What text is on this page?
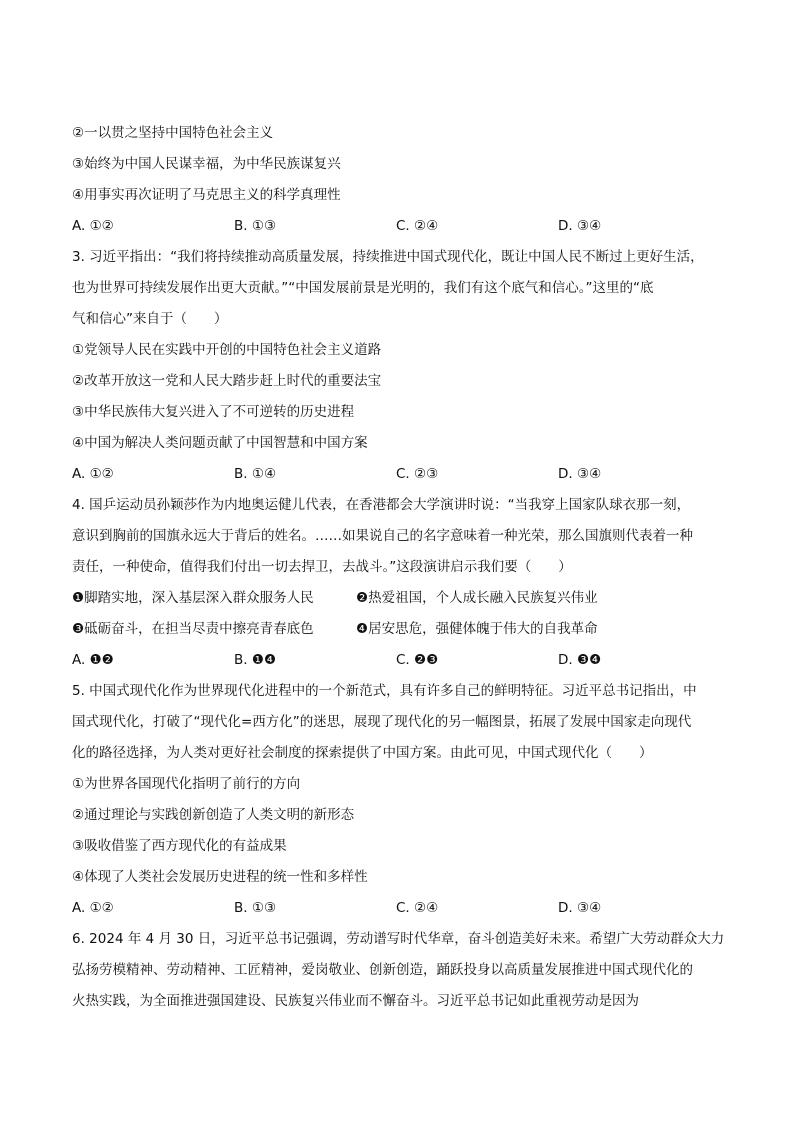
②一以贯之坚持中国特色社会主义
③始终为中国人民谋幸福，为中华民族谋复兴
④用事实再次证明了马克思主义的科学真理性
A. ①②	B. ①③	C. ②④	D. ③④
3. 习近平指出：“我们将持续推动高质量发展，持续推进中国式现代化，既让中国人民不断过上更好生活，
也为世界可持续发展作出更大贡献。”“中国发展前景是光明的，我们有这个底气和信心。”这里的“底
气和信心”来自于（　　）
①党领导人民在实践中开创的中国特色社会主义道路
②改革开放这一党和人民大踏步赶上时代的重要法宝
③中华民族伟大复兴进入了不可逆转的历史进程
④中国为解决人类问题贡献了中国智慧和中国方案
A. ①②	B. ①④	C. ②③	D. ③④
4. 国乒运动员孙颖莎作为内地奥运健儿代表，在香港都会大学演讲时说：“当我穿上国家队球衣那一刻，
意识到胸前的国旗永远大于背后的姓名。……如果说自己的名字意味着一种光荣，那么国旗则代表着一种
责任，一种使命，值得我们付出一切去捍卫，去战斗。”这段演讲启示我们要（　　）
❶脚踏实地，深入基层深入群众服务人民	❷热爱祖国，个人成长融入民族复兴伟业
❸砥砺奋斗，在担当尽责中擦亮青春底色	❹居安思危，强健体魄于伟大的自我革命
A. ❶❷	B. ❶❹	C. ❷❸	D. ❸❹
5. 中国式现代化作为世界现代化进程中的一个新范式，具有许多自己的鲜明特征。习近平总书记指出，中
国式现代化，打破了“现代化=西方化”的迷思，展现了现代化的另一幅图景，拓展了发展中国家走向现代
化的路径选择，为人类对更好社会制度的探索提供了中国方案。由此可见，中国式现代化（　　）
①为世界各国现代化指明了前行的方向
②通过理论与实践创新创造了人类文明的新形态
③吸收借鉴了西方现代化的有益成果
④体现了人类社会发展历史进程的统一性和多样性
A. ①②	B. ①③	C. ②④	D. ③④
6. 2024 年 4 月 30 日，习近平总书记强调，劳动谱写时代华章，奋斗创造美好未来。希望广大劳动群众大力
弘扬劳模精神、劳动精神、工匠精神，爱岗敬业、创新创造，踊跃投身以高质量发展推进中国式现代化的
火热实践，为全面推进强国建设、民族复兴伟业而不懈奋斗。习近平总书记如此重视劳动是因为
